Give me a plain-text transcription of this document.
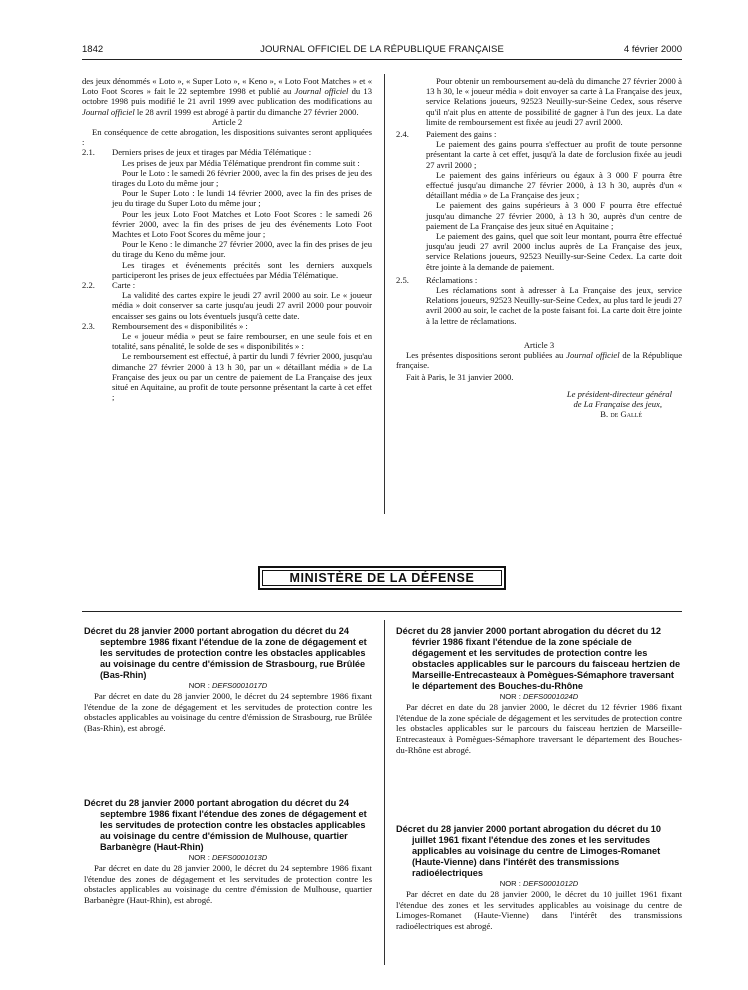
1842	JOURNAL OFFICIEL DE LA RÉPUBLIQUE FRANÇAISE	4 février 2000

des jeux dénommés « Loto », « Super Loto », « Keno », « Loto Foot Matches » et « Loto Foot Scores » fait le 22 septembre 1998 et publié au Journal officiel du 13 octobre 1998 puis modifié le 21 avril 1999 avec publication des modifications au Journal officiel le 28 avril 1999 est abrogé à partir du dimanche 27 février 2000.

Article 2

En conséquence de cette abrogation, les dispositions suivantes seront appliquées :

2.1. Derniers prises de jeux et tirages par Média Télématique :

Les prises de jeux par Média Télématique prendront fin comme suit :

Pour le Loto : le samedi 26 février 2000, avec la fin des prises de jeu des tirages du Loto du même jour ;

Pour le Super Loto : le lundi 14 février 2000, avec la fin des prises de jeu du tirage du Super Loto du même jour ;

Pour les jeux Loto Foot Matches et Loto Foot Scores : le samedi 26 février 2000, avec la fin des prises de jeu des événements Loto Foot Machtes et Loto Foot Scores du même jour ;

Pour le Keno : le dimanche 27 février 2000, avec la fin des prises de jeu du tirage du Keno du même jour.

Les tirages et événements précités sont les derniers auxquels participeront les prises de jeux effectuées par Média Télématique.

2.2. Carte :

La validité des cartes expire le jeudi 27 avril 2000 au soir. Le « joueur média » doit conserver sa carte jusqu'au jeudi 27 avril 2000 pour pouvoir encaisser ses gains ou lots éventuels jusqu'à cette date.

2.3. Remboursement des « disponibilités » :

Le « joueur média » peut se faire rembourser, en une seule fois et en totalité, sans pénalité, le solde de ses « disponibilités » :

Le remboursement est effectué, à partir du lundi 7 février 2000, jusqu'au dimanche 27 février 2000 à 13 h 30, par un « détaillant média » de La Française des jeux ou par un centre de paiement de La Française des jeux situé en Aquitaine, au profit de toute personne présentant la carte à cet effet ;

Pour obtenir un remboursement au-delà du dimanche 27 février 2000 à 13 h 30, le « joueur média » doit envoyer sa carte à La Française des jeux, service Relations joueurs, 92523 Neuilly-sur-Seine Cedex, sous réserve qu'il n'ait plus en attente de possibilité de gagner à l'un des jeux. La date limite de remboursement est fixée au jeudi 27 avril 2000.

2.4. Paiement des gains :

Le paiement des gains pourra s'effectuer au profit de toute personne présentant la carte à cet effet, jusqu'à la date de forclusion fixée au jeudi 27 avril 2000 ;

Le paiement des gains inférieurs ou égaux à 3 000 F pourra être effectué jusqu'au dimanche 27 février 2000, à 13 h 30, auprès d'un « détaillant média » de La Française des jeux ;

Le paiement des gains supérieurs à 3 000 F pourra être effectué jusqu'au dimanche 27 février 2000, à 13 h 30, auprès d'un centre de paiement de La Française des jeux situé en Aquitaine ;

Le paiement des gains, quel que soit leur montant, pourra être effectué jusqu'au jeudi 27 avril 2000 inclus auprès de La Française des jeux, service Relations joueurs, 92523 Neuilly-sur-Seine Cedex. La carte doit être jointe à la demande de paiement.

2.5. Réclamations :

Les réclamations sont à adresser à La Française des jeux, service Relations joueurs, 92523 Neuilly-sur-Seine Cedex, au plus tard le jeudi 27 avril 2000 au soir, le cachet de la poste faisant foi. La carte doit être jointe à la lettre de réclamations.

Article 3

Les présentes dispositions seront publiées au Journal officiel de la République française.

Fait à Paris, le 31 janvier 2000.

Le président-directeur général

de La Française des jeux,

B. de Gallé

MINISTÈRE DE LA DÉFENSE

Décret du 28 janvier 2000 portant abrogation du décret du 24 septembre 1986 fixant l'étendue de la zone de dégagement et les servitudes de protection contre les obstacles applicables au voisinage du centre d'émission de Strasbourg, rue Brûlée (Bas-Rhin)

NOR : DEFS0001017D

Par décret en date du 28 janvier 2000, le décret du 24 septembre 1986 fixant l'étendue de la zone de dégagement et les servitudes de protection contre les obstacles applicables au voisinage du centre d'émission de Strasbourg, rue Brûlée (Bas-Rhin), est abrogé.

Décret du 28 janvier 2000 portant abrogation du décret du 24 septembre 1986 fixant l'étendue des zones de dégagement et les servitudes de protection contre les obstacles applicables au voisinage du centre d'émission de Mulhouse, quartier Barbanègre (Haut-Rhin)

NOR : DEFS0001013D

Par décret en date du 28 janvier 2000, le décret du 24 septembre 1986 fixant l'étendue des zones de dégagement et les servitudes de protection contre les obstacles applicables au voisinage du centre d'émission de Mulhouse, quartier Barbanègre (Haut-Rhin), est abrogé.

Décret du 28 janvier 2000 portant abrogation du décret du 12 février 1986 fixant l'étendue de la zone spéciale de dégagement et les servitudes de protection contre les obstacles applicables sur le parcours du faisceau hertzien de Marseille-Entrecasteaux à Pomègues-Sémaphore traversant le département des Bouches-du-Rhône

NOR : DEFS0001024D

Par décret en date du 28 janvier 2000, le décret du 12 février 1986 fixant l'étendue de la zone spéciale de dégagement et les servitudes de protection contre les obstacles applicables sur le parcours du faisceau hertzien de Marseille-Entrecasteaux à Pomègues-Sémaphore traversant le département des Bouches-du-Rhône est abrogé.

Décret du 28 janvier 2000 portant abrogation du décret du 10 juillet 1961 fixant l'étendue des zones et les servitudes applicables au voisinage du centre de Limoges-Romanet (Haute-Vienne) dans l'intérêt des transmissions radioélectriques

NOR : DEFS0001012D

Par décret en date du 28 janvier 2000, le décret du 10 juillet 1961 fixant l'étendue des zones et les servitudes applicables au voisinage du centre de Limoges-Romanet (Haute-Vienne) dans l'intérêt des transmissions radioélectriques est abrogé.
